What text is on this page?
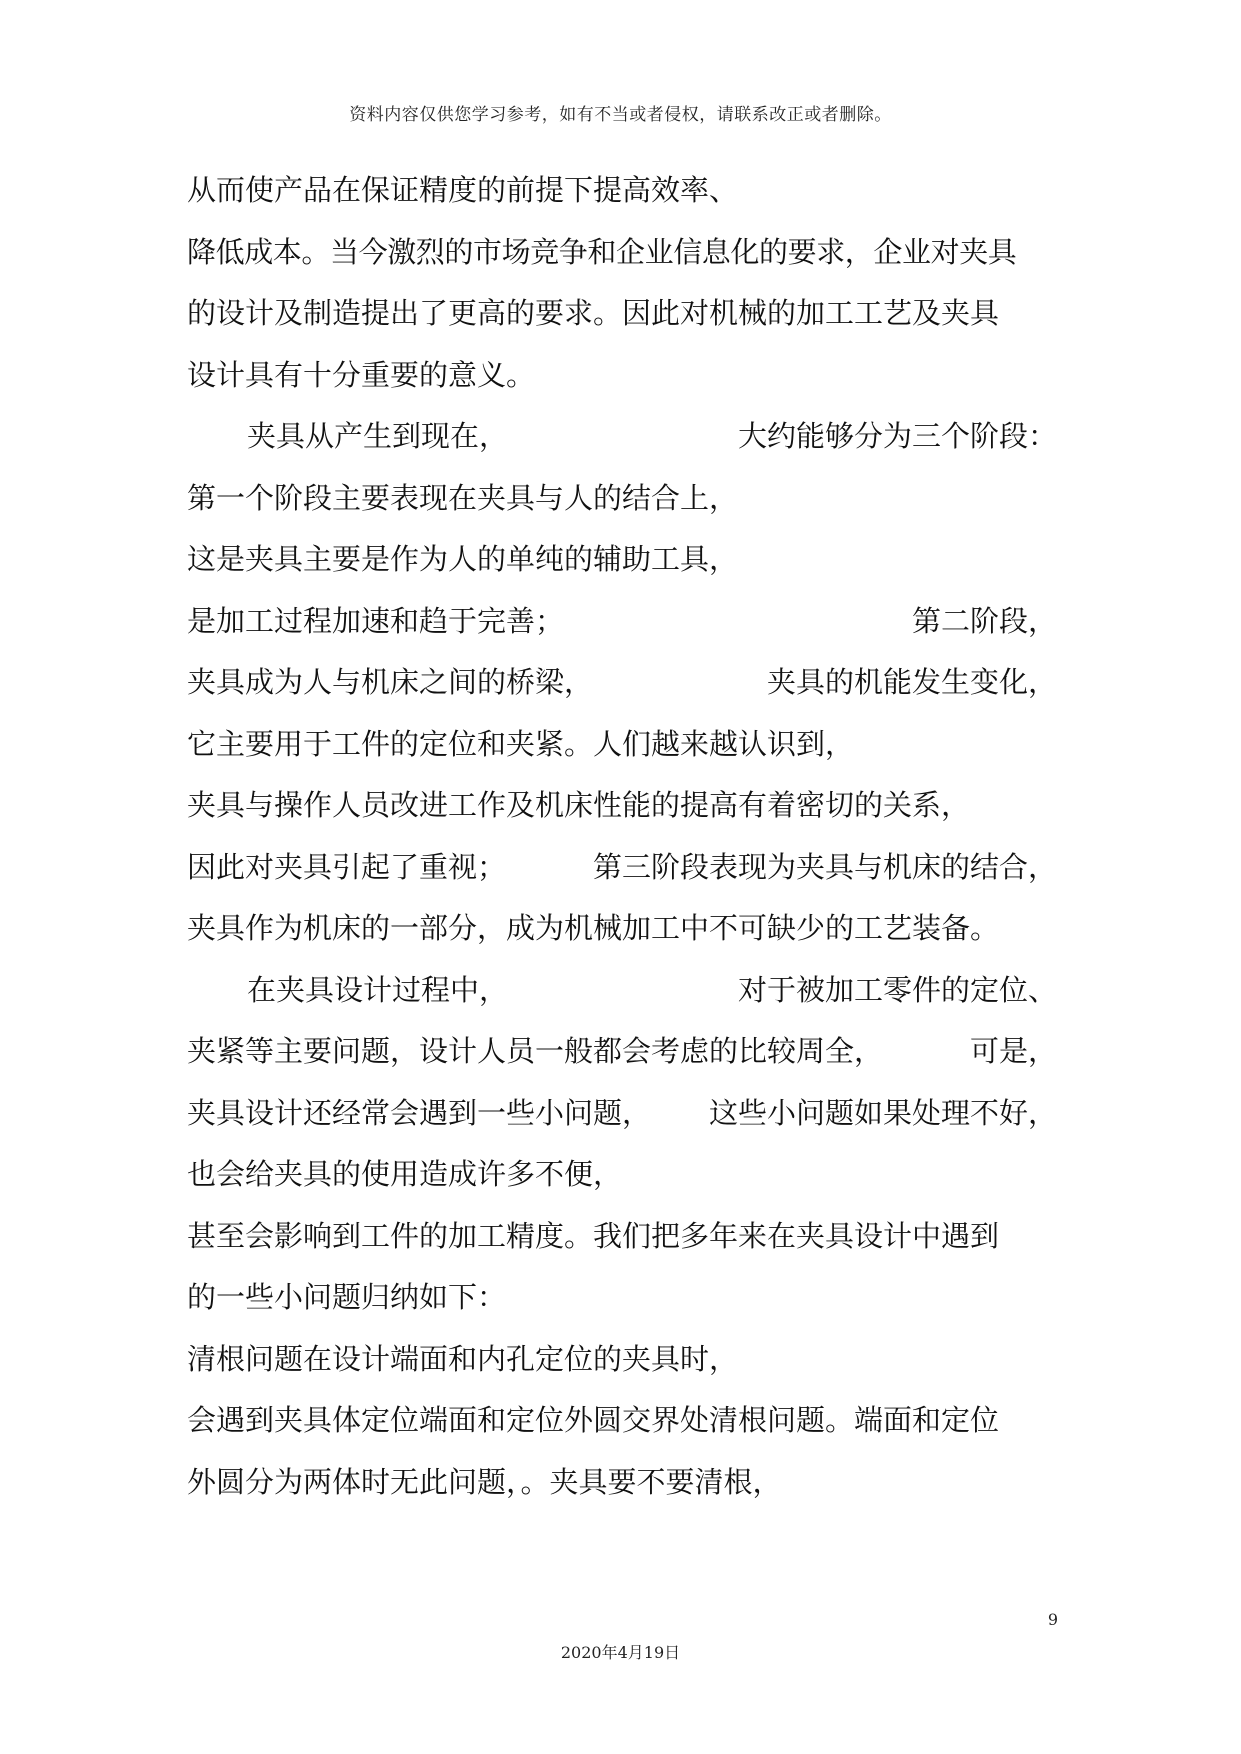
资料内容仅供您学习参考，如有不当或者侵权，请联系改正或者删除。
从而使产品在保证精度的前提下提高效率、
降低成本。当今激烈的市场竞争和企业信息化的要求，企业对夹具
的设计及制造提出了更高的要求。因此对机械的加工工艺及夹具
设计具有十分重要的意义。
夹具从产生到现在，	大约能够分为三个阶段：
第一个阶段主要表现在夹具与人的结合上，
这是夹具主要是作为人的单纯的辅助工具，
是加工过程加速和趋于完善；	第二阶段，
夹具成为人与机床之间的桥梁，	夹具的机能发生变化，
它主要用于工件的定位和夹紧。人们越来越认识到，
夹具与操作人员改进工作及机床性能的提高有着密切的关系，
因此对夹具引起了重视；	第三阶段表现为夹具与机床的结合，
夹具作为机床的一部分，成为机械加工中不可缺少的工艺装备。
在夹具设计过程中，	对于被加工零件的定位、
夹紧等主要问题，设计人员一般都会考虑的比较周全，	可是，
夹具设计还经常会遇到一些小问题， 这些小问题如果处理不好，
也会给夹具的使用造成许多不便，
甚至会影响到工件的加工精度。我们把多年来在夹具设计中遇到
的一些小问题归纳如下：
清根问题在设计端面和内孔定位的夹具时，
会遇到夹具体定位端面和定位外圆交界处清根问题。端面和定位
外圆分为两体时无此问题，。夹具要不要清根，
9
2020年4月19日
